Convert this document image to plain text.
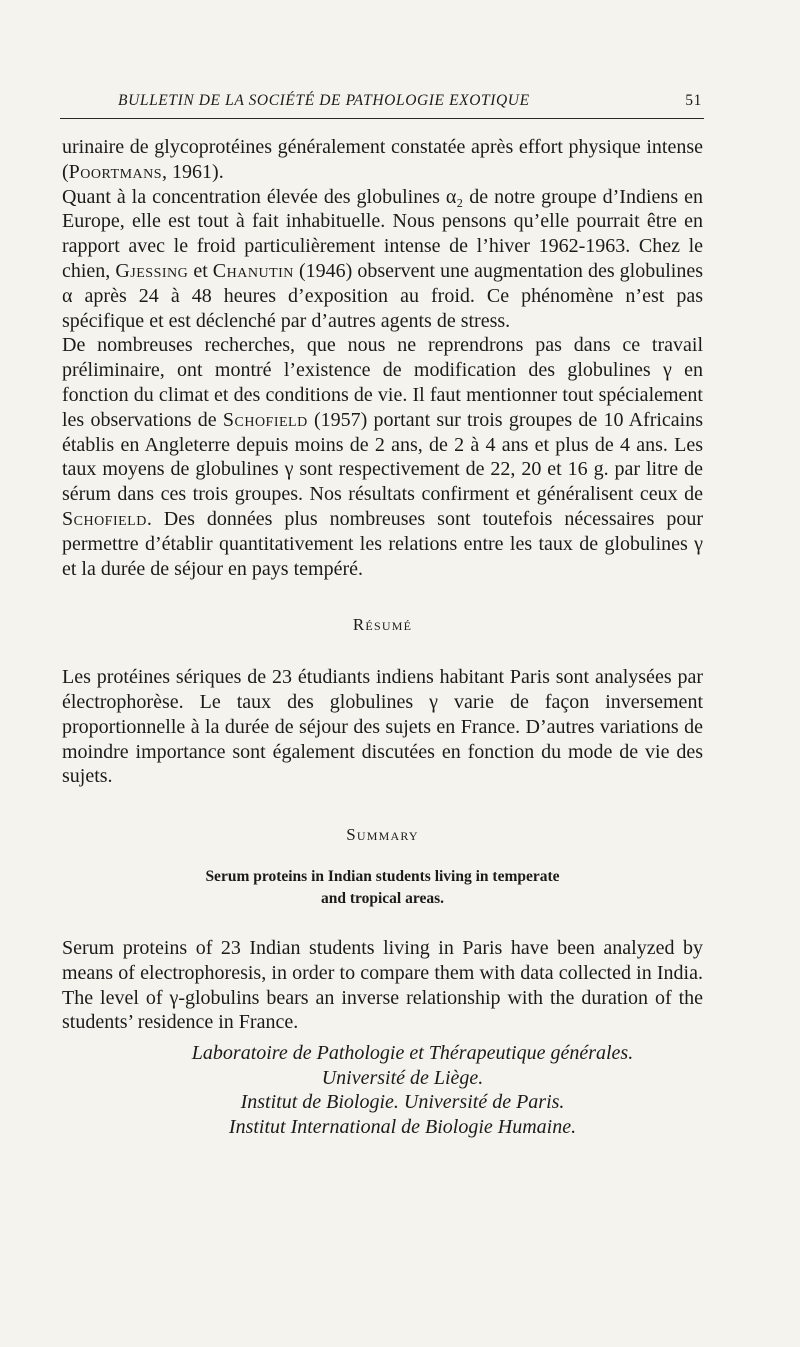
BULLETIN DE LA SOCIÉTÉ DE PATHOLOGIE EXOTIQUE	51

urinaire de glycoprotéines généralement constatée après effort physique intense (Poortmans, 1961).

Quant à la concentration élevée des globulines α₂ de notre groupe d’Indiens en Europe, elle est tout à fait inhabituelle. Nous pensons qu’elle pourrait être en rapport avec le froid particulièrement intense de l’hiver 1962-1963. Chez le chien, Gjessing et Chanutin (1946) observent une augmentation des globulines α après 24 à 48 heures d’exposition au froid. Ce phénomène n’est pas spécifique et est déclenché par d’autres agents de stress.

De nombreuses recherches, que nous ne reprendrons pas dans ce travail préliminaire, ont montré l’existence de modification des globulines γ en fonction du climat et des conditions de vie. Il faut mentionner tout spécialement les observations de Schofield (1957) portant sur trois groupes de 10 Africains établis en Angleterre depuis moins de 2 ans, de 2 à 4 ans et plus de 4 ans. Les taux moyens de globulines γ sont respectivement de 22, 20 et 16 g. par litre de sérum dans ces trois groupes. Nos résultats confirment et généralisent ceux de Schofield. Des données plus nombreuses sont toutefois nécessaires pour permettre d’établir quantitativement les relations entre les taux de globulines γ et la durée de séjour en pays tempéré.

Résumé

Les protéines sériques de 23 étudiants indiens habitant Paris sont analysées par électrophorèse. Le taux des globulines γ varie de façon inversement proportionnelle à la durée de séjour des sujets en France. D’autres variations de moindre importance sont également discutées en fonction du mode de vie des sujets.

Summary
Serum proteins in Indian students living in temperate
and tropical areas.

Serum proteins of 23 Indian students living in Paris have been analyzed by means of electrophoresis, in order to compare them with data collected in India. The level of γ-globulins bears an inverse relationship with the duration of the students’ residence in France.

Laboratoire de Pathologie et Thérapeutique générales.
Université de Liège.
Institut de Biologie. Université de Paris.
Institut International de Biologie Humaine.
